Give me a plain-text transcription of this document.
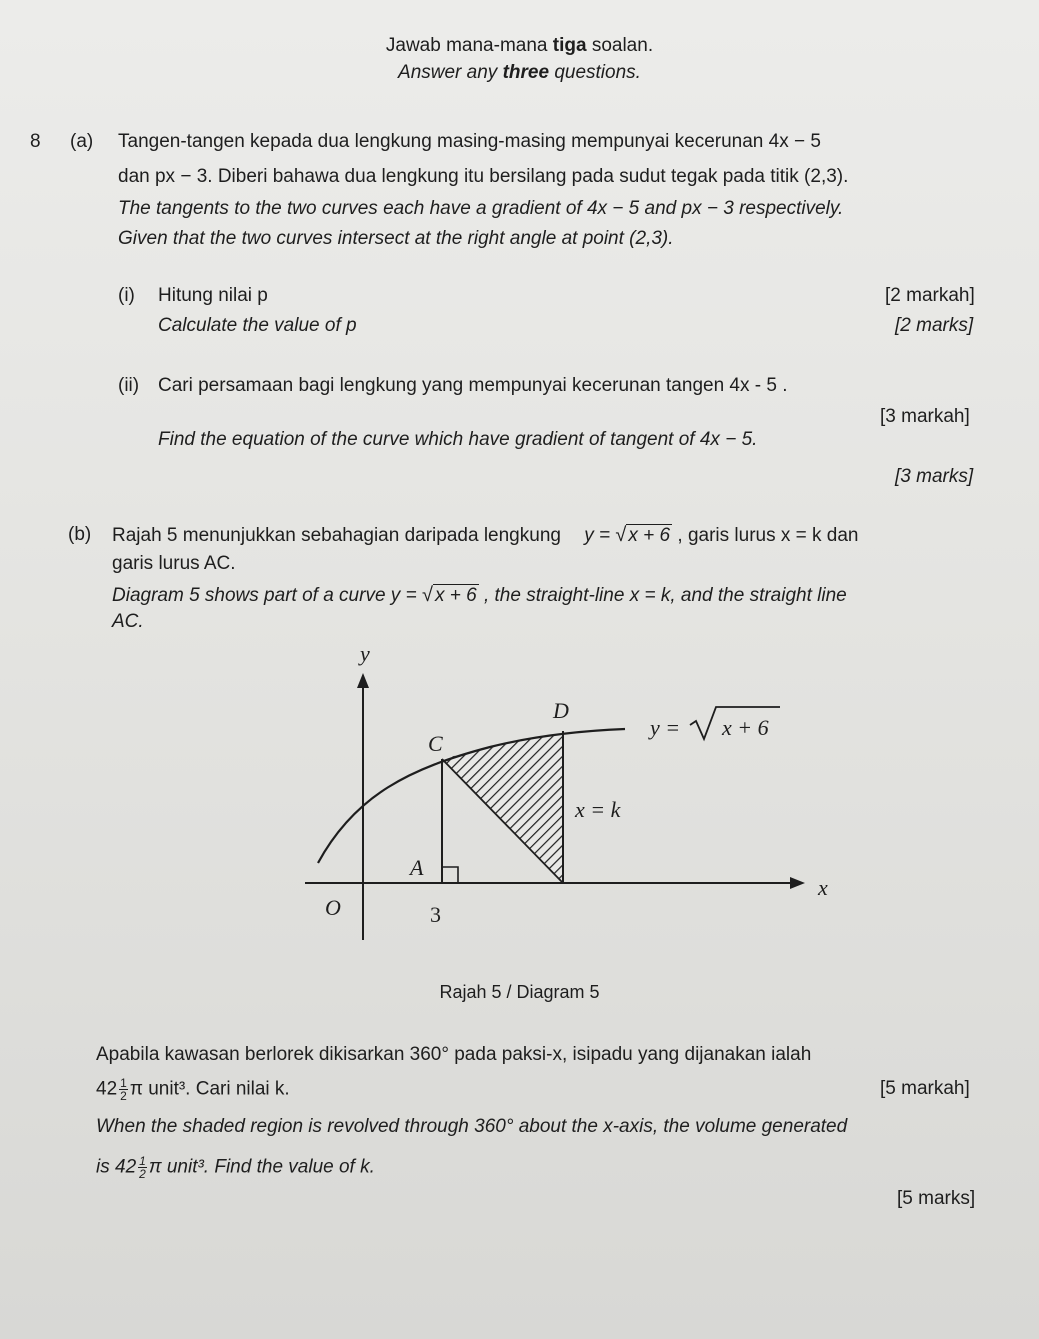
Jawab mana-mana tiga soalan.
Answer any three questions.
8 (a) Tangen-tangen kepada dua lengkung masing-masing mempunyai kecerunan 4x − 5
dan px − 3. Diberi bahawa dua lengkung itu bersilang pada sudut tegak pada titik (2,3).
The tangents to the two curves each have a gradient of 4x − 5 and px − 3 respectively.
Given that the two curves intersect at the right angle at point (2,3).
(i) Hitung nilai p	[2 markah]
Calculate the value of p	[2 marks]
(ii) Cari persamaan bagi lengkung yang mempunyai kecerunan tangen 4x - 5 .
[3 markah]
Find the equation of the curve which have gradient of tangent of 4x − 5.
[3 marks]
(b) Rajah 5 menunjukkan sebahagian daripada lengkung y = √ x + 6 , garis lurus x = k dan
garis lurus AC.
Diagram 5 shows part of a curve y = √ x + 6 , the straight-line x = k, and the straight line
AC.
y
x
O	3
A
C
D
y = x + 6
x = k
Rajah 5 / Diagram 5
Apabila kawasan berlorek dikisarkan 360° pada paksi-x, isipadu yang dijanakan ialah
$42 \frac{1}{2}$ π unit³. Cari nilai k.	[5 markah]
When the shaded region is revolved through 360° about the x-axis, the volume generated
is $42 \frac{1}{2}$ π unit³. Find the value of k.
[5 marks]
